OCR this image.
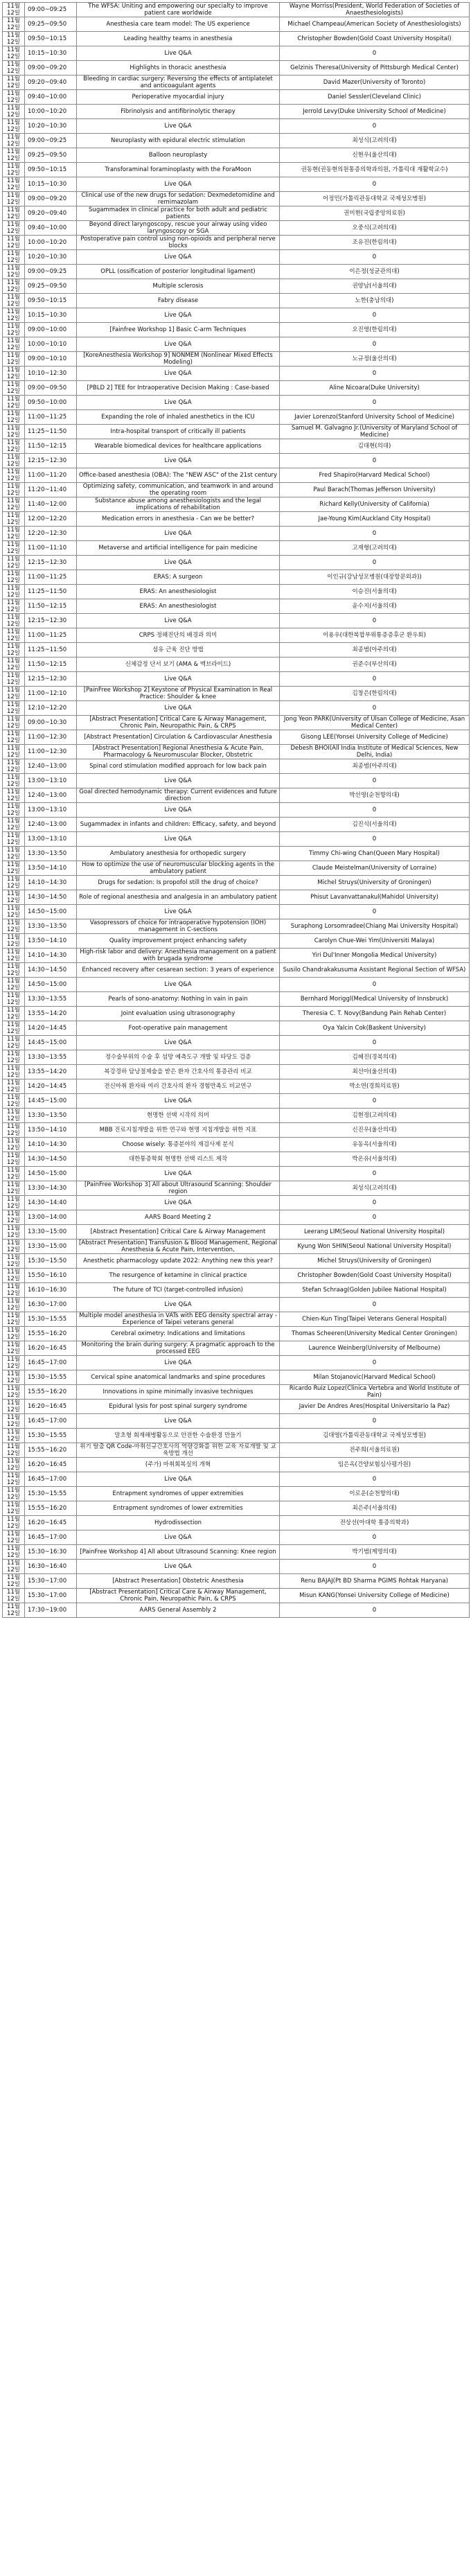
11월 12일	09:00~09:25	The WFSA: Uniting and empowering our specialty to improve patient care worldwide	Wayne Morriss(President, World Federation of Societies of Anaesthesiologists)
11월 12일	09:25~09:50	Anesthesia care team model: The US experience	Michael Champeau(American Society of Anesthesiologists)
11월 12일	09:50~10:15	Leading healthy teams in anesthesia	Christopher Bowden(Gold Coast University Hospital)
11월 12일	10:15~10:30	Live Q&A	0
11월 12일	09:00~09:20	Highlights in thoracic anesthesia	Gelzinis Theresa(University of Pittsburgh Medical Center)
11월 12일	09:20~09:40	Bleeding in cardiac surgery: Reversing the effects of antiplatelet and anticoagulant agents	David Mazer(University of Toronto)
11월 12일	09:40~10:00	Perioperative myocardial injury	Daniel Sessler(Cleveland Clinic)
11월 12일	10:00~10:20	Fibrinolysis and antifibrinolytic therapy	Jerrold Levy(Duke University School of Medicine)
11월 12일	10:20~10:30	Live Q&A	0
11월 12일	09:00~09:25	Neuroplasty with epidural electric stimulation	최성식(고려의대)
11월 12일	09:25~09:50	Balloon neuroplasty	신현우(울산의대)
11월 12일	09:50~10:15	Transforaminal foraminoplasty with the ForaMoon	권동현(권동현의원통증의학과의원, 가톨릭대 재활학교수)
11월 12일	10:15~10:30	Live Q&A	0
11월 12일	09:00~09:20	Clinical use of the new drugs for sedation: Dexmedetomidine and remimazolam	이정민(가톨릭관동대학교 국제성모병원)
11월 12일	09:20~09:40	Sugammadex in clinical practice for both adult and pediatric patients	권미현(국립중앙의료원)
11월 12일	09:40~10:00	Beyond direct laryngoscopy, rescue your airway using video laryngoscopy or SGA	오중식(고려의대)
11월 12일	10:00~10:20	Postoperative pain control using non-opioids and peripheral nerve blocks	조유진(한림의대)
11월 12일	10:20~10:30	Live Q&A	0
11월 12일	09:00~09:25	OPLL (ossification of posterior longitudinal ligament)	이은정(성균관의대)
11월 12일	09:25~09:50	Multiple sclerosis	권양남(서울의대)
11월 12일	09:50~10:15	Fabry disease	노한(충남의대)
11월 12일	10:15~10:30	Live Q&A	0
11월 12일	09:00~10:00	[Fainfree Workshop 1] Basic C-arm Techniques	오진영(한림의대)
11월 12일	10:00~10:10	Live Q&A	0
11월 12일	09:00~10:10	[KoreAnesthesia Workshop 9] NONMEM (Nonlinear Mixed Effects Modeling)	노규정(울산의대)
11월 12일	10:10~12:30	Live Q&A	0
11월 12일	09:00~09:50	[PBLD 2] TEE for Intraoperative Decision Making : Case-based	Aline Nicoara(Duke University)
11월 12일	09:50~10:00	Live Q&A	0
11월 12일	11:00~11:25	Expanding the role of inhaled anesthetics in the ICU	Javier Lorenzo(Stanford University School of Medicine)
11월 12일	11:25~11:50	Intra-hospital transport of critically ill patients	Samuel M. Galvagno Jr.(University of Maryland School of Medicine)
11월 12일	11:50~12:15	Wearable biomedical devices for healthcare applications	김대현(의대)
11월 12일	12:15~12:30	Live Q&A	0
11월 12일	11:00~11:20	Office-based anesthesia (OBA): The "NEW ASC" of the 21st century	Fred Shapiro(Harvard Medical School)
11월 12일	11:20~11:40	Optimizing safety, communication, and teamwork in and around the operating room	Paul Barach(Thomas Jefferson University)
11월 12일	11:40~12:00	Substance abuse among anesthesiologists and the legal implications of rehabilitation	Richard Kelly(University of California)
11월 12일	12:00~12:20	Medication errors in anesthesia - Can we be better?	Jae-Young Kim(Auckland City Hospital)
11월 12일	12:20~12:30	Live Q&A	0
11월 12일	11:00~11:10	Metaverse and artificial intelligence for pain medicine	고재형(고려의대)
11월 12일	12:15~12:30	Live Q&A	0
11월 12일	11:00~11:25	ERAS: A surgeon	이인규(강남성모병원(대장항문외과))
11월 12일	11:25~11:50	ERAS: An anesthesiologist	이승진(서울의대)
11월 12일	11:50~12:15	ERAS: An anesthesiologist	윤수지(서울의대)
11월 12일	12:15~12:30	Live Q&A	0
11월 12일	11:00~11:25	CRPS 정해진단의 배경과 의미	이용우(대한복합부위통증증후군 환우회)
11월 12일	11:25~11:50	섬유 근육 진단 방법	최종범(아주의대)
11월 12일	11:50~12:15	신체감정 단서 보기 (AMA & 맥브라이드)	권준수(부산의대)
11월 12일	12:15~12:30	Live Q&A	0
11월 12일	11:00~12:10	[PainFree Workshop 2] Keystone of Physical Examination in Real Practice: Shoulder & knee	김창은(한림의대)
11월 12일	12:10~12:20	Live Q&A	0
11월 12일	09:00~10:30	[Abstract Presentation] Critical Care & Airway Management, Chronic Pain, Neuropathic Pain, & CRPS	Jong Yeon PARK(University of Ulsan College of Medicine, Asan Medical Center)
11월 12일	11:00~12:30	[Abstract Presentation] Circulation & Cardiovascular Anesthesia	Gisong LEE(Yonsei University College of Medicine)
11월 12일	11:00~12:30	[Abstract Presentation] Regional Anesthesia & Acute Pain, Pharmacology & Neuromuscular Blocker, Obstetric	Debesh BHOI(All India Institute of Medical Sciences, New Delhi, India)
11월 12일	12:40~13:00	Spinal cord stimulation modified approach for low back pain	최종범(아주의대)
11월 12일	13:00~13:10	Live Q&A	0
11월 12일	12:40~13:00	Goal directed hemodynamic therapy: Current evidences and future direction	박선영(순천향의대)
11월 12일	13:00~13:10	Live Q&A	0
11월 12일	12:40~13:00	Sugammadex in infants and children: Efficacy, safety, and beyond	김진식(서울의대)
11월 12일	13:00~13:10	Live Q&A	0
11월 12일	13:30~13:50	Ambulatory anesthesia for orthopedic surgery	Timmy Chi-wing Chan(Queen Mary Hospital)
11월 12일	13:50~14:10	How to optimize the use of neuromuscular blocking agents in the ambulatory patient	Claude Meistelman(University of Lorraine)
11월 12일	14:10~14:30	Drugs for sedation: Is propofol still the drug of choice?	Michel Struys(University of Groningen)
11월 12일	14:30~14:50	Role of regional anesthesia and analgesia in an ambulatory patient	Phisut Lavanvattanakul(Mahidol University)
11월 12일	14:50~15:00	Live Q&A	0
11월 12일	13:30~13:50	Vasopressors of choice for intraoperative hypotension (IOH) management in C-sections	Suraphong Lorsomradee(Chiang Mai University Hospital)
11월 12일	13:50~14:10	Quality improvement project enhancing safety	Carolyn Chue-Wei Yim(Universiti Malaya)
11월 12일	14:10~14:30	High-risk labor and delivery: Anesthesia management on a patient with brugada syndrome	Yiri Dul'Inner Mongolia Medical University)
11월 12일	14:30~14:50	Enhanced recovery after cesarean section: 3 years of experience	Susilo Chandrakakusuma Assistant Regional Section of WFSA)
11월 12일	14:50~15:00	Live Q&A	0
11월 12일	13:30~13:55	Pearls of sono-anatomy: Nothing in vain in pain	Bernhard Moriggl(Medical University of Innsbruck)
11월 12일	13:55~14:20	Joint evaluation using ultrasonography	Theresia C. T. Novy(Bandung Pain Rehab Center)
11월 12일	14:20~14:45	Foot-operative pain management	Oya Yalcin Cok(Baskent University)
11월 12일	14:45~15:00	Live Q&A	0
11월 12일	13:30~13:55	정수술부위의 수술 후 섬망 예측도구 개발 및 타당도 검증	김혜진(경북의대)
11월 12일	13:55~14:20	복강경하 담낭절제술을 받은 환자 간호사의 통증관리 비교	최선아(울산의대)
11월 12일	14:20~14:45	전신마취 환자와 여러 간호사의 환자 경험만족도 비교연구	박소연(경희의료원)
11월 12일	14:45~15:00	Live Q&A	0
11월 12일	13:30~13:50	현명한 선택 시작의 의미	김현정(고려의대)
11월 12일	13:50~14:10	MBB 진료지침개발을 위한 연구와 현명 지침개발을 위한 지표	신진우(울산의대)
11월 12일	14:10~14:30	Choose wisely: 통증분야의 재검사제 분석	유동옥(서울의대)
11월 12일	14:30~14:50	대한통증학회 현명한 선택 리스트 제작	박온유(서울의대)
11월 12일	14:50~15:00	Live Q&A	0
11월 12일	13:30~14:30	[PainFree Workshop 3] All about Ultrasound Scanning: Shoulder region	최성식(고려의대)
11월 12일	14:30~14:40	Live Q&A	0
11월 12일	13:00~14:00	AARS Board Meeting 2	0
11월 12일	13:30~15:00	[Abstract Presentation] Critical Care & Airway Management	Leerang LIM(Seoul National University Hospital)
11월 12일	13:30~15:00	[Abstract Presentation] Transfusion & Blood Management, Regional Anesthesia & Acute Pain, Intervention,	Kyung Won SHIN(Seoul National University Hospital)
11월 12일	15:30~15:50	Anesthetic pharmacology update 2022: Anything new this year?	Michel Struys(University of Groningen)
11월 12일	15:50~16:10	The resurgence of ketamine in clinical practice	Christopher Bowden(Gold Coast University Hospital)
11월 12일	16:10~16:30	The future of TCI (target-controlled infusion)	Stefan Schraag(Golden Jubilee National Hospital)
11월 12일	16:30~17:00	Live Q&A	0
11월 12일	15:30~15:55	Multiple model anesthesia in VATs with EEG density spectral array - Experience of Taipei veterans general	Chien-Kun Ting(Taipei Veterans General Hospital)
11월 12일	15:55~16:20	Cerebral oximetry: Indications and limitations	Thomas Scheeren(University Medical Center Groningen)
11월 12일	16:20~16:45	Monitoring the brain during surgery: A pragmatic approach to the processed EEG	Laurence Weinberg(University of Melbourne)
11월 12일	16:45~17:00	Live Q&A	0
11월 12일	15:30~15:55	Cervical spine anatomical landmarks and spine procedures	Milan Stojanovic(Harvard Medical School)
11월 12일	15:55~16:20	Innovations in spine minimally invasive techniques	Ricardo Ruiz Lopez(Clinica Vertebra and World Institute of Pain)
11월 12일	16:20~16:45	Epidural lysis for post spinal surgery syndrome	Javier De Andres Ares(Hospital Universitario la Paz)
11월 12일	16:45~17:00	Live Q&A	0
11월 12일	15:30~15:55	말초형 회재해병활동으로 안전한 수술환경 만들기	김대영(가톨릭관동대학교 국제성모병원)
11월 12일	15:55~16:20	위기 탈출 QR Code-마취신규간호사의 역량강화를 위한 교육 자료개발 및 교육방법 개선	전주희(서울의료원)
11월 12일	16:20~16:45	(주가) 마취회복실의 개혁	임은옥(건양보험심사평가원)
11월 12일	16:45~17:00	Live Q&A	0
11월 12일	15:30~15:55	Entrapment syndromes of upper extremities	이로운(순천향의대)
11월 12일	15:55~16:20	Entrapment syndromes of lower extremities	최은주(서울의대)
11월 12일	16:20~16:45	Hydrodissection	전상선(아대학 통증의학과)
11월 12일	16:45~17:00	Live Q&A	0
11월 12일	15:30~16:30	[PainFree Workshop 4] All about Ultrasound Scanning: Knee region	박기범(계명의대)
11월 12일	16:30~16:40	Live Q&A	0
11월 12일	15:30~17:00	[Abstract Presentation] Obstetric Anesthesia	Renu BAJAJ(Pt BD Sharma PGIMS Rohtak Haryana)
11월 12일	15:30~17:00	[Abstract Presentation] Critical Care & Airway Management, Chronic Pain, Neuropathic Pain, & CRPS	Misun KANG(Yonsei University College of Medicine)
11월 12일	17:30~19:00	AARS General Assembly 2	0
